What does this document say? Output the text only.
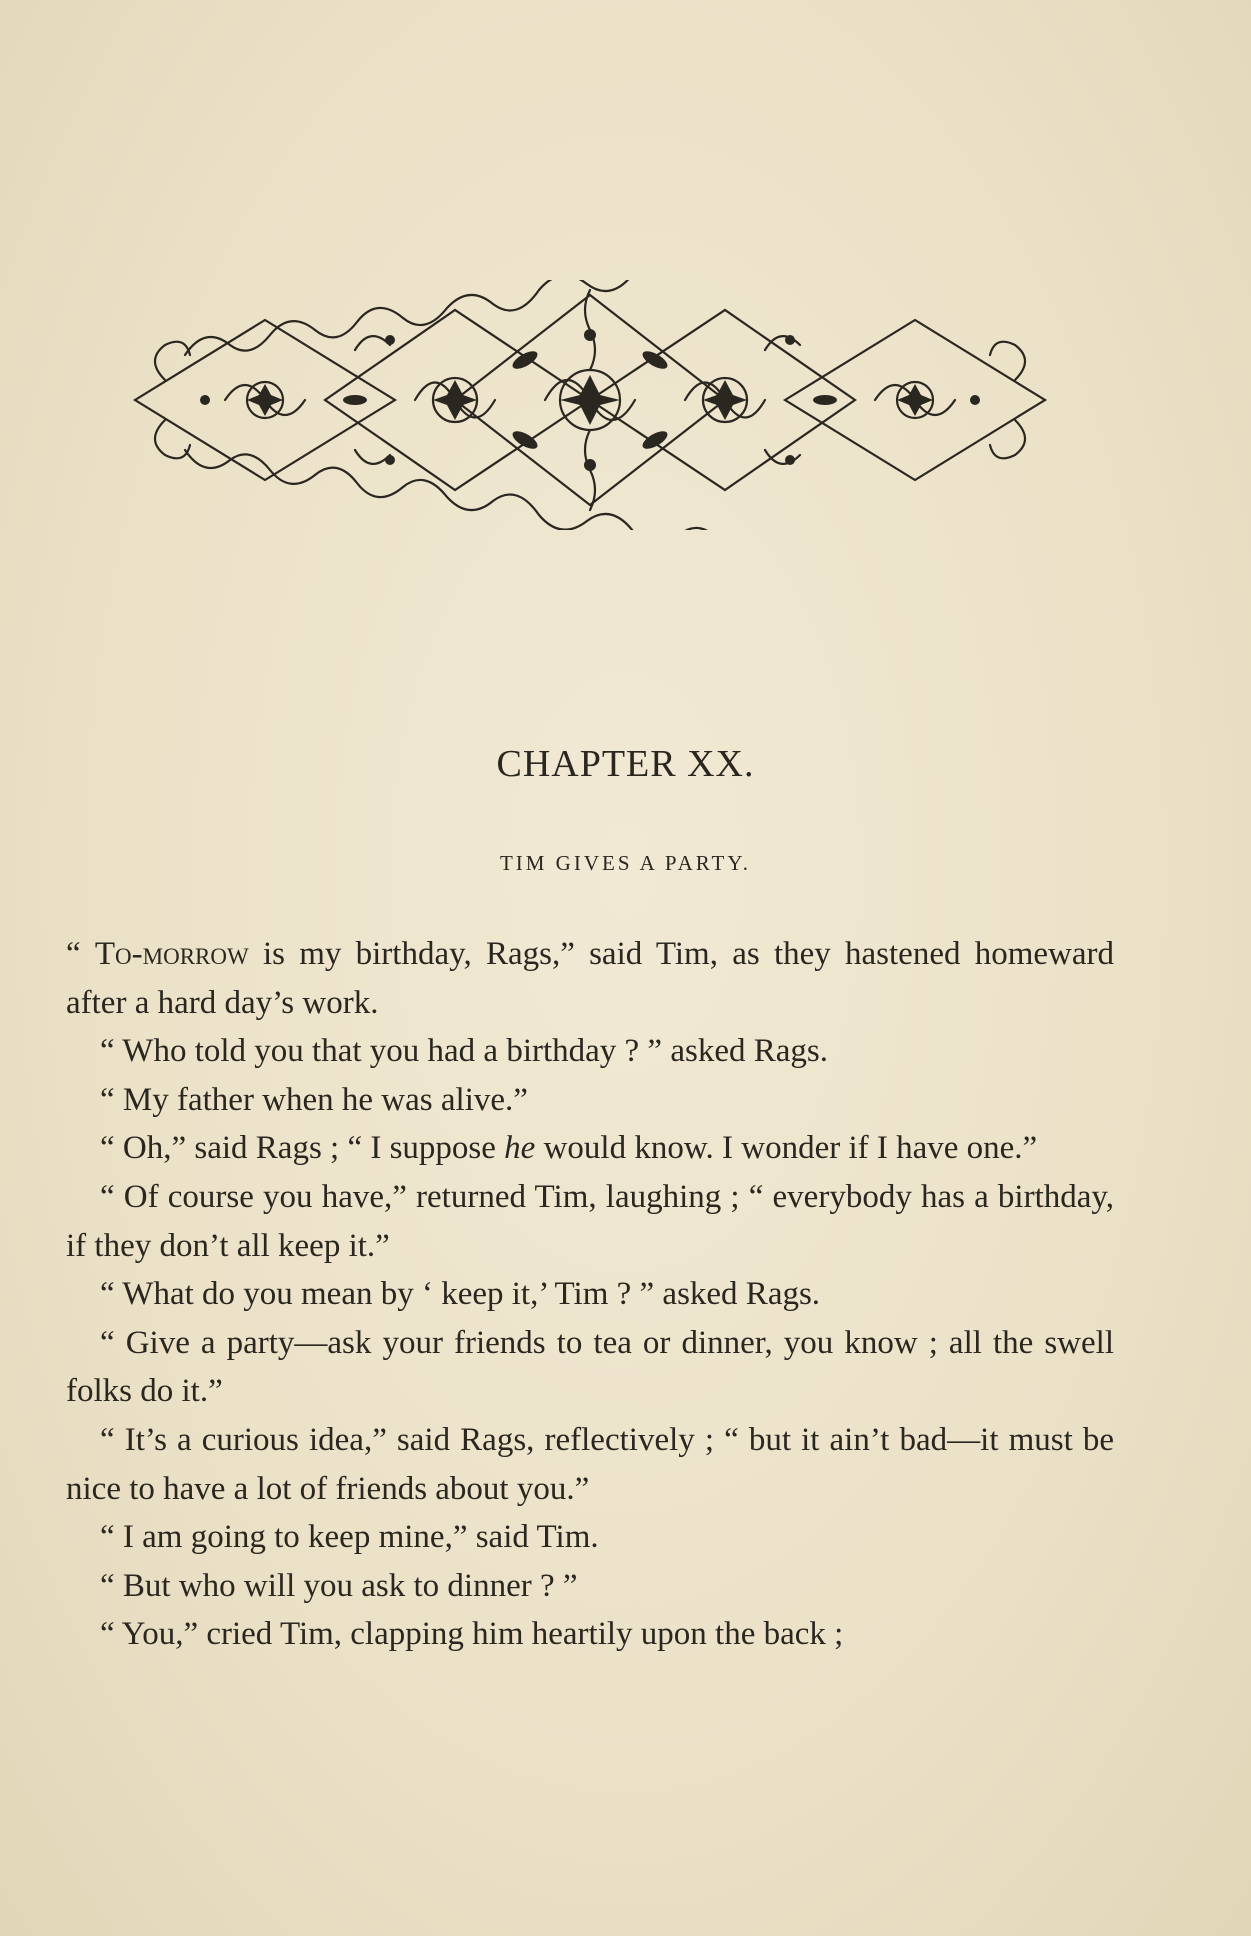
CHAPTER XX.
TIM GIVES A PARTY.

“ To-morrow is my birthday, Rags,” said Tim, as they hastened homeward after a hard day’s work.

“ Who told you that you had a birthday ? ” asked Rags.

“ My father when he was alive.”

“ Oh,” said Rags ; “ I suppose he would know. I wonder if I have one.”

“ Of course you have,” returned Tim, laughing ; “ everybody has a birthday, if they don’t all keep it.”

“ What do you mean by ‘ keep it,’ Tim ? ” asked Rags.

“ Give a party—ask your friends to tea or dinner, you know ; all the swell folks do it.”

“ It’s a curious idea,” said Rags, reflectively ; “ but it ain’t bad—it must be nice to have a lot of friends about you.”

“ I am going to keep mine,” said Tim.

“ But who will you ask to dinner ? ”

“ You,” cried Tim, clapping him heartily upon the back ;
